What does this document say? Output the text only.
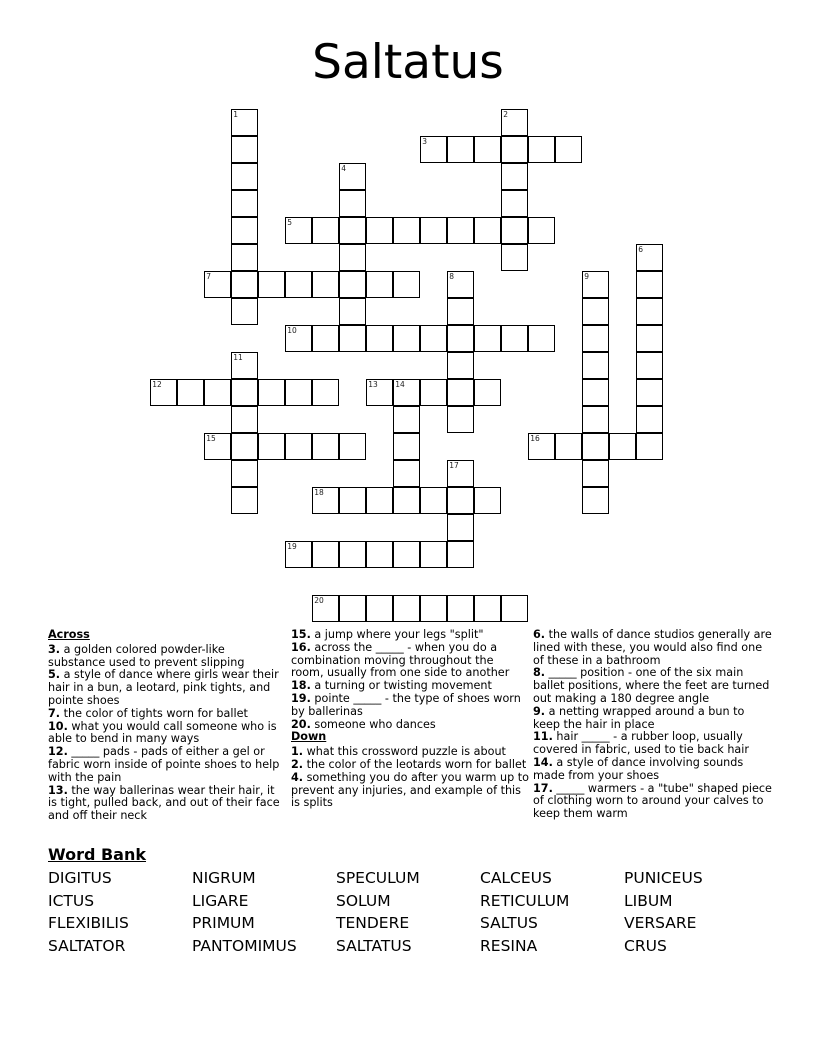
Saltatus
1	2
3
4
5
6
7	8	9
10
11
12	13 14
15	16
17
18
19
20
Across
3. a golden colored powder-like substance used to prevent slipping
5. a style of dance where girls wear their hair in a bun, a leotard, pink tights, and pointe shoes
7. the color of tights worn for ballet
10. what you would call someone who is able to bend in many ways
12. _____ pads - pads of either a gel or fabric worn inside of pointe shoes to help with the pain
13. the way ballerinas wear their hair, it is tight, pulled back, and out of their face and off their neck
15. a jump where your legs "split"
16. across the _____ - when you do a combination moving throughout the room, usually from one side to another
18. a turning or twisting movement
19. pointe _____ - the type of shoes worn by ballerinas
20. someone who dances
Down
1. what this crossword puzzle is about
2. the color of the leotards worn for ballet
4. something you do after you warm up to prevent any injuries, and example of this is splits
6. the walls of dance studios generally are lined with these, you would also find one of these in a bathroom
8. _____ position - one of the six main ballet positions, where the feet are turned out making a 180 degree angle
9. a netting wrapped around a bun to keep the hair in place
11. hair _____ - a rubber loop, usually covered in fabric, used to tie back hair
14. a style of dance involving sounds made from your shoes
17. _____ warmers - a "tube" shaped piece of clothing worn to around your calves to keep them warm
Word Bank
DIGITUS	NIGRUM	SPECULUM	CALCEUS	PUNICEUS
ICTUS	LIGARE	SOLUM	RETICULUM	LIBUM
FLEXIBILIS	PRIMUM	TENDERE	SALTUS	VERSARE
SALTATOR	PANTOMIMUS	SALTATUS	RESINA	CRUS
